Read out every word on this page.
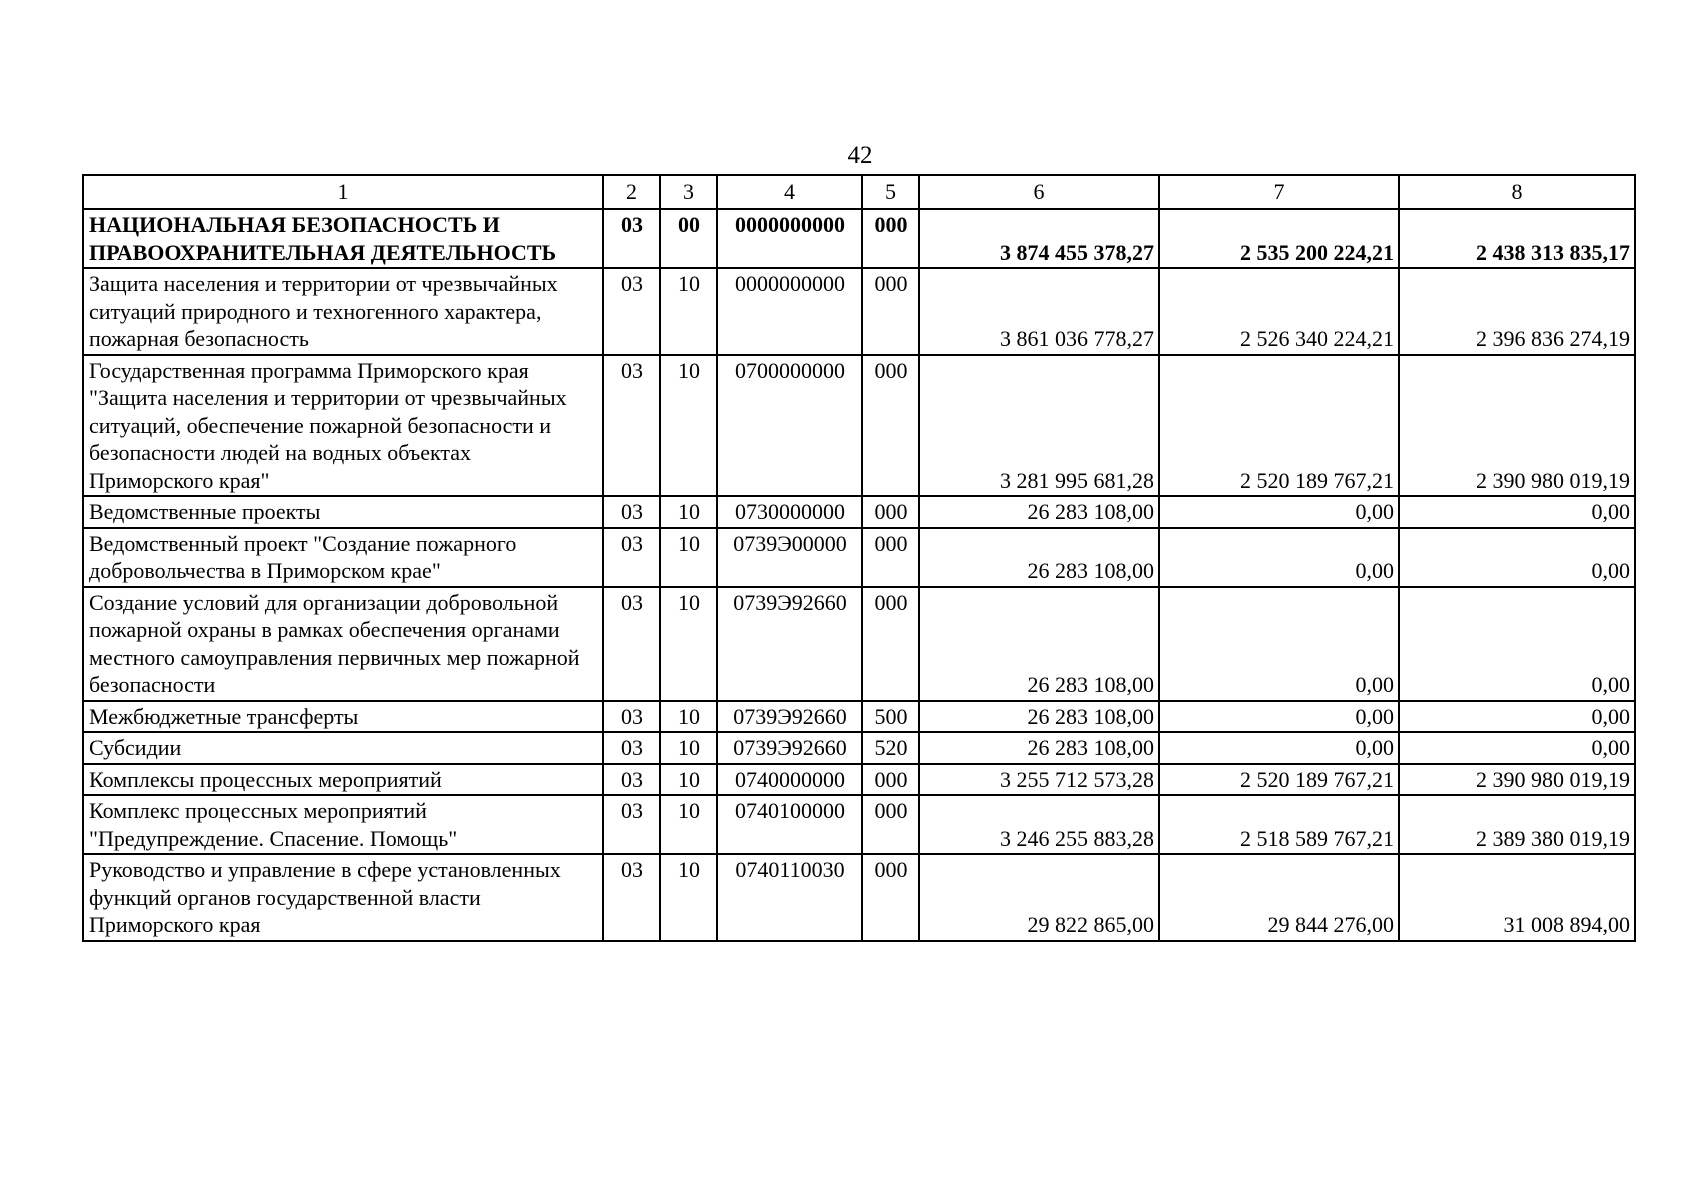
42
1	2	3	4	5	6	7	8
НАЦИОНАЛЬНАЯ БЕЗОПАСНОСТЬ И ПРАВООХРАНИТЕЛЬНАЯ ДЕЯТЕЛЬНОСТЬ	03	00	0000000000	000	3 874 455 378,27	2 535 200 224,21	2 438 313 835,17
Защита населения и территории от чрезвычайных ситуаций природного и техногенного характера, пожарная безопасность	03	10	0000000000	000	3 861 036 778,27	2 526 340 224,21	2 396 836 274,19
Государственная программа Приморского края "Защита населения и территории от чрезвычайных ситуаций, обеспечение пожарной безопасности и безопасности людей на водных объектах Приморского края"	03	10	0700000000	000	3 281 995 681,28	2 520 189 767,21	2 390 980 019,19
Ведомственные проекты	03	10	0730000000	000	26 283 108,00	0,00	0,00
Ведомственный проект "Создание пожарного добровольчества в Приморском крае"	03	10	0739Э00000	000	26 283 108,00	0,00	0,00
Создание условий для организации добровольной пожарной охраны в рамках обеспечения органами местного самоуправления первичных мер пожарной безопасности	03	10	0739Э92660	000	26 283 108,00	0,00	0,00
Межбюджетные трансферты	03	10	0739Э92660	500	26 283 108,00	0,00	0,00
Субсидии	03	10	0739Э92660	520	26 283 108,00	0,00	0,00
Комплексы процессных мероприятий	03	10	0740000000	000	3 255 712 573,28	2 520 189 767,21	2 390 980 019,19
Комплекс процессных мероприятий "Предупреждение. Спасение. Помощь"	03	10	0740100000	000	3 246 255 883,28	2 518 589 767,21	2 389 380 019,19
Руководство и управление в сфере установленных функций органов государственной власти Приморского края	03	10	0740110030	000	29 822 865,00	29 844 276,00	31 008 894,00
